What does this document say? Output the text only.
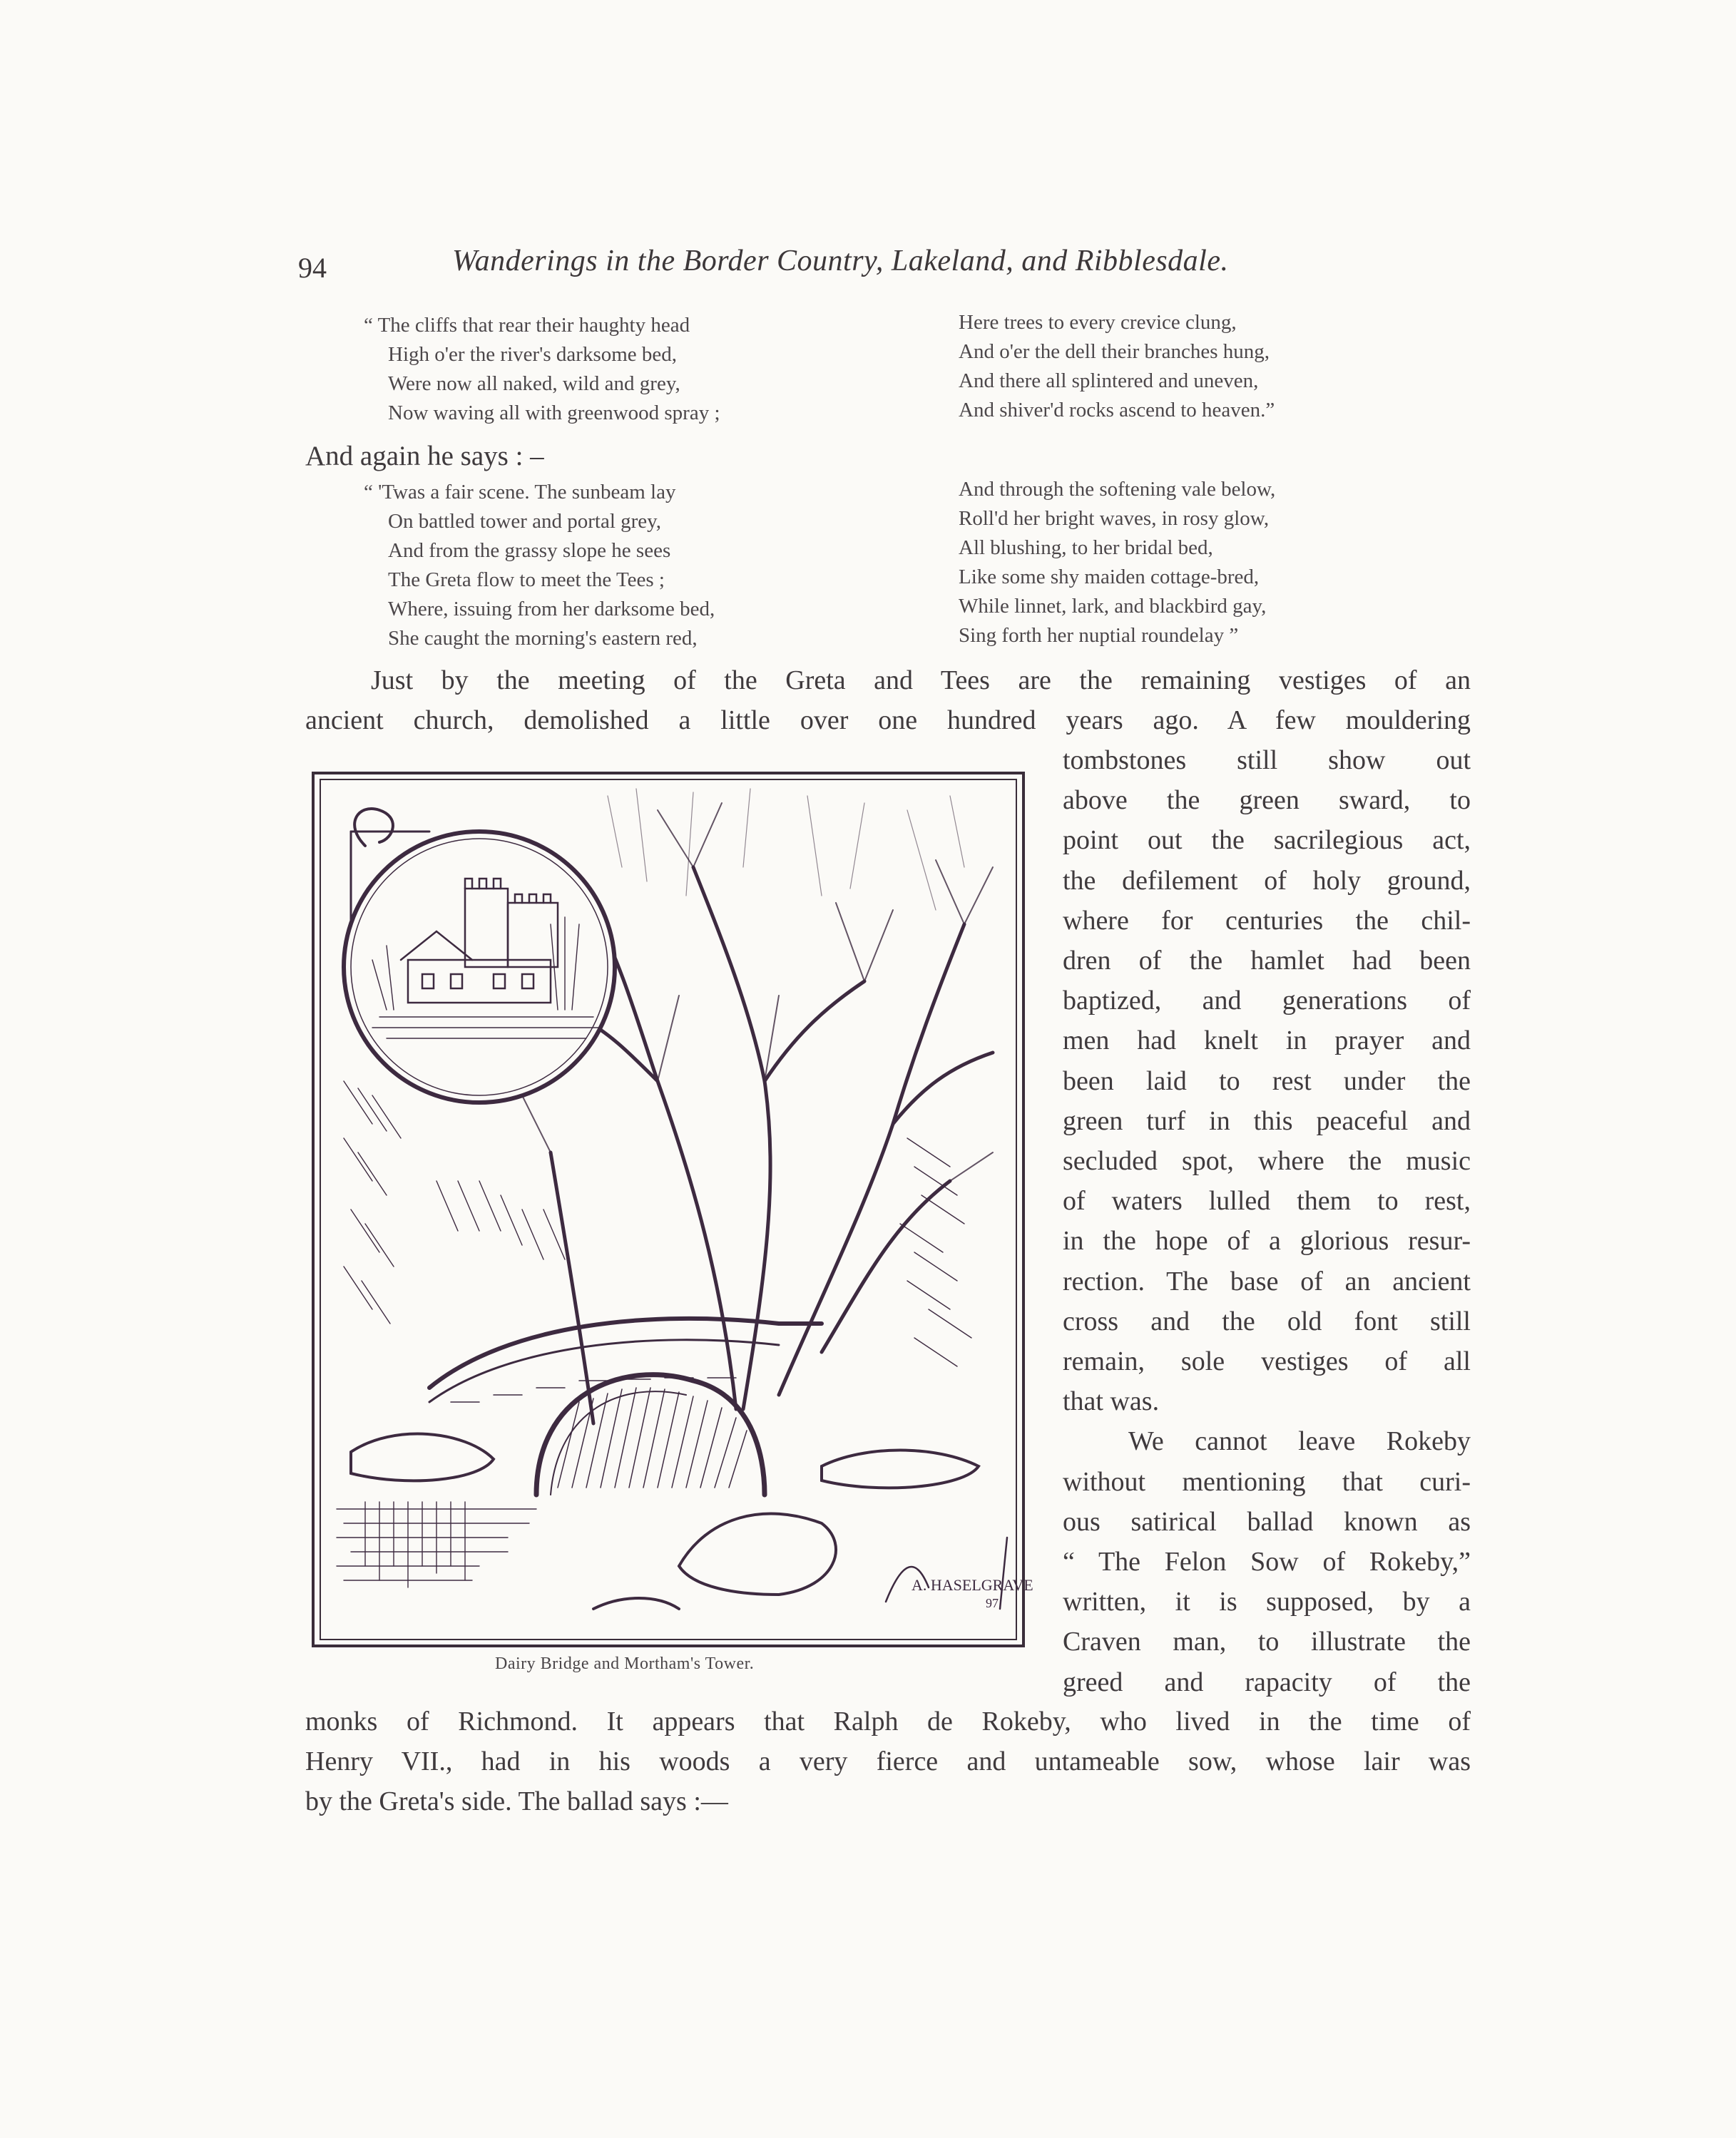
94	Wanderings in the Border Country, Lakeland, and Ribblesdale.
“ The cliffs that rear their haughty head
High o'er the river's darksome bed,
Were now all naked, wild and grey,
Now waving all with greenwood spray ;
Here trees to every crevice clung,
And o'er the dell their branches hung,
And there all splintered and uneven,
And shiver'd rocks ascend to heaven.”
And again he says : –
“ 'Twas a fair scene. The sunbeam lay
On battled tower and portal grey,
And from the grassy slope he sees
The Greta flow to meet the Tees ;
Where, issuing from her darksome bed,
She caught the morning's eastern red,
And through the softening vale below,
Roll'd her bright waves, in rosy glow,
All blushing, to her bridal bed,
Like some shy maiden cottage-bred,
While linnet, lark, and blackbird gay,
Sing forth her nuptial roundelay ”
Just by the meeting of the Greta and Tees are the remaining vestiges of an
ancient church, demolished a little over one hundred years ago. A few mouldering
tombstones still show out
above the green sward, to
point out the sacrilegious act,
the defilement of holy ground,
where for centuries the chil-
dren of the hamlet had been
baptized, and generations of
men had knelt in prayer and
been laid to rest under the
green turf in this peaceful and
secluded spot, where the music
of waters lulled them to rest,
in the hope of a glorious resur-
rection. The base of an ancient
cross and the old font still
remain, sole vestiges of all
that was.
We cannot leave Rokeby
without mentioning that curi-
ous satirical ballad known as
“ The Felon Sow of Rokeby,”
written, it is supposed, by a
Craven man, to illustrate the
greed and rapacity of the
monks of Richmond. It appears that Ralph de Rokeby, who lived in the time of
Henry VII., had in his woods a very fierce and untameable sow, whose lair was
by the Greta's side. The ballad says :—
A. HASELGRAVE
97
Dairy Bridge and Mortham's Tower.
